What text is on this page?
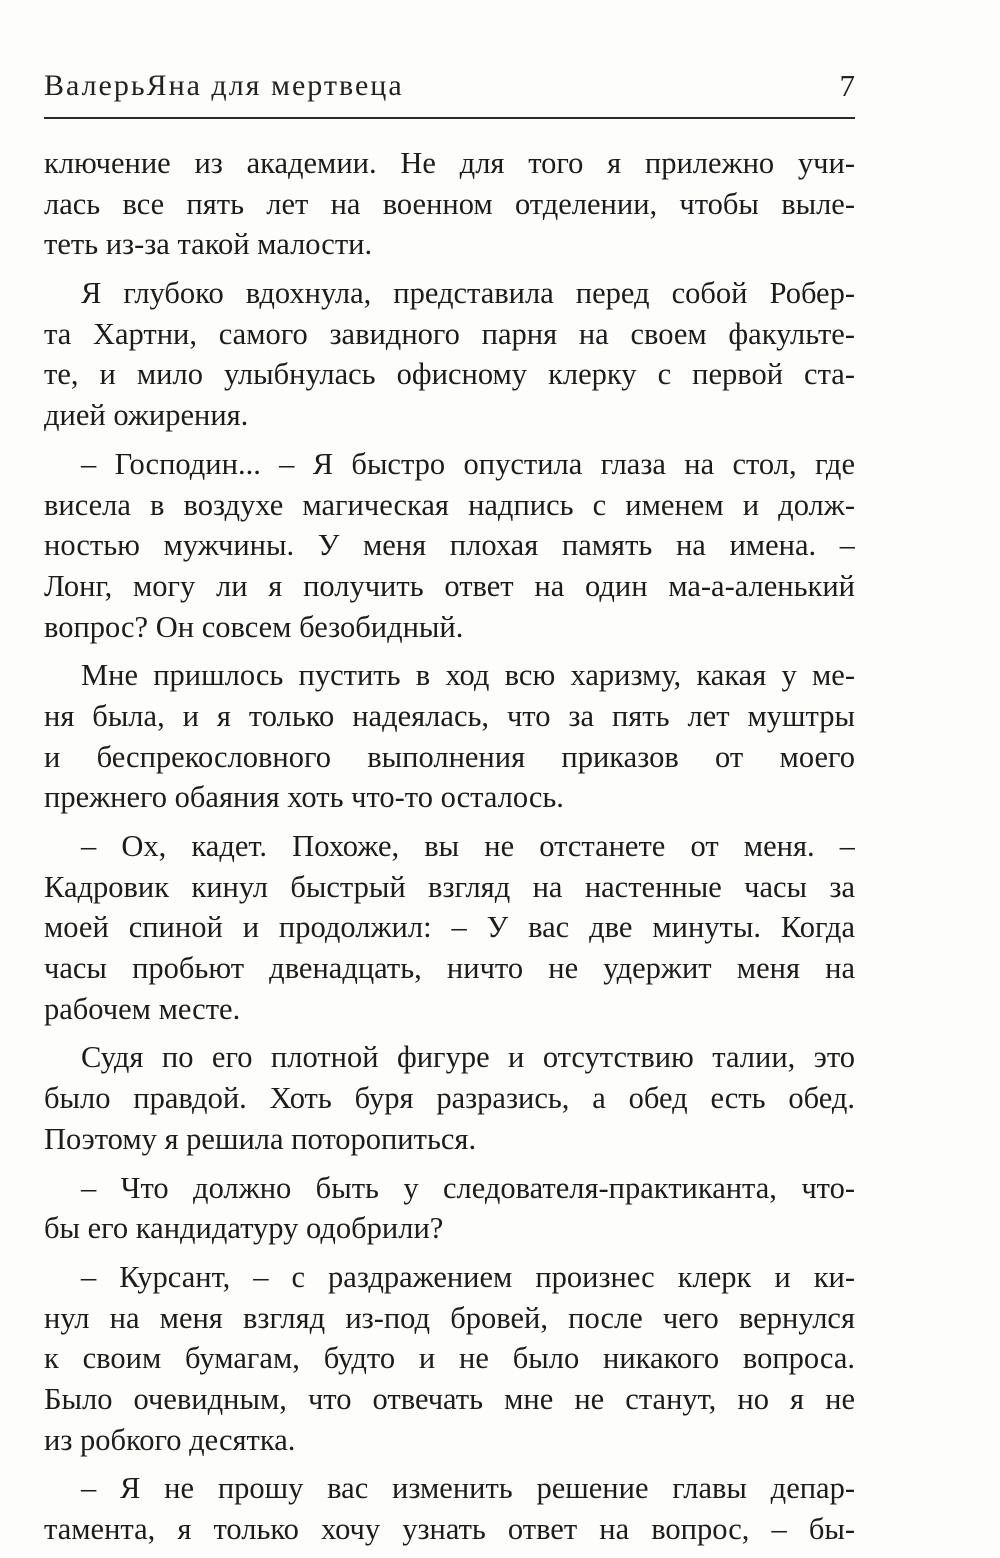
ВалерьЯна для мертвеца	7
ключение из академии. Не для того я прилежно учи-
лась все пять лет на военном отделении, чтобы выле-
теть из-за такой малости.
Я глубоко вдохнула, представила перед собой Робер-
та Хартни, самого завидного парня на своем факульте-
те, и мило улыбнулась офисному клерку с первой ста-
дией ожирения.
– Господин... – Я быстро опустила глаза на стол, где
висела в воздухе магическая надпись с именем и долж-
ностью мужчины. У меня плохая память на имена. –
Лонг, могу ли я получить ответ на один ма-а-аленький
вопрос? Он совсем безобидный.
Мне пришлось пустить в ход всю харизму, какая у ме-
ня была, и я только надеялась, что за пять лет муштры
и беспрекословного выполнения приказов от моего
прежнего обаяния хоть что-то осталось.
– Ох, кадет. Похоже, вы не отстанете от меня. –
Кадровик кинул быстрый взгляд на настенные часы за
моей спиной и продолжил: – У вас две минуты. Когда
часы пробьют двенадцать, ничто не удержит меня на
рабочем месте.
Судя по его плотной фигуре и отсутствию талии, это
было правдой. Хоть буря разразись, а обед есть обед.
Поэтому я решила поторопиться.
– Что должно быть у следователя-практиканта, что-
бы его кандидатуру одобрили?
– Курсант, – с раздражением произнес клерк и ки-
нул на меня взгляд из-под бровей, после чего вернулся
к своим бумагам, будто и не было никакого вопроса.
Было очевидным, что отвечать мне не станут, но я не
из робкого десятка.
– Я не прошу вас изменить решение главы депар-
тамента, я только хочу узнать ответ на вопрос, – бы-
